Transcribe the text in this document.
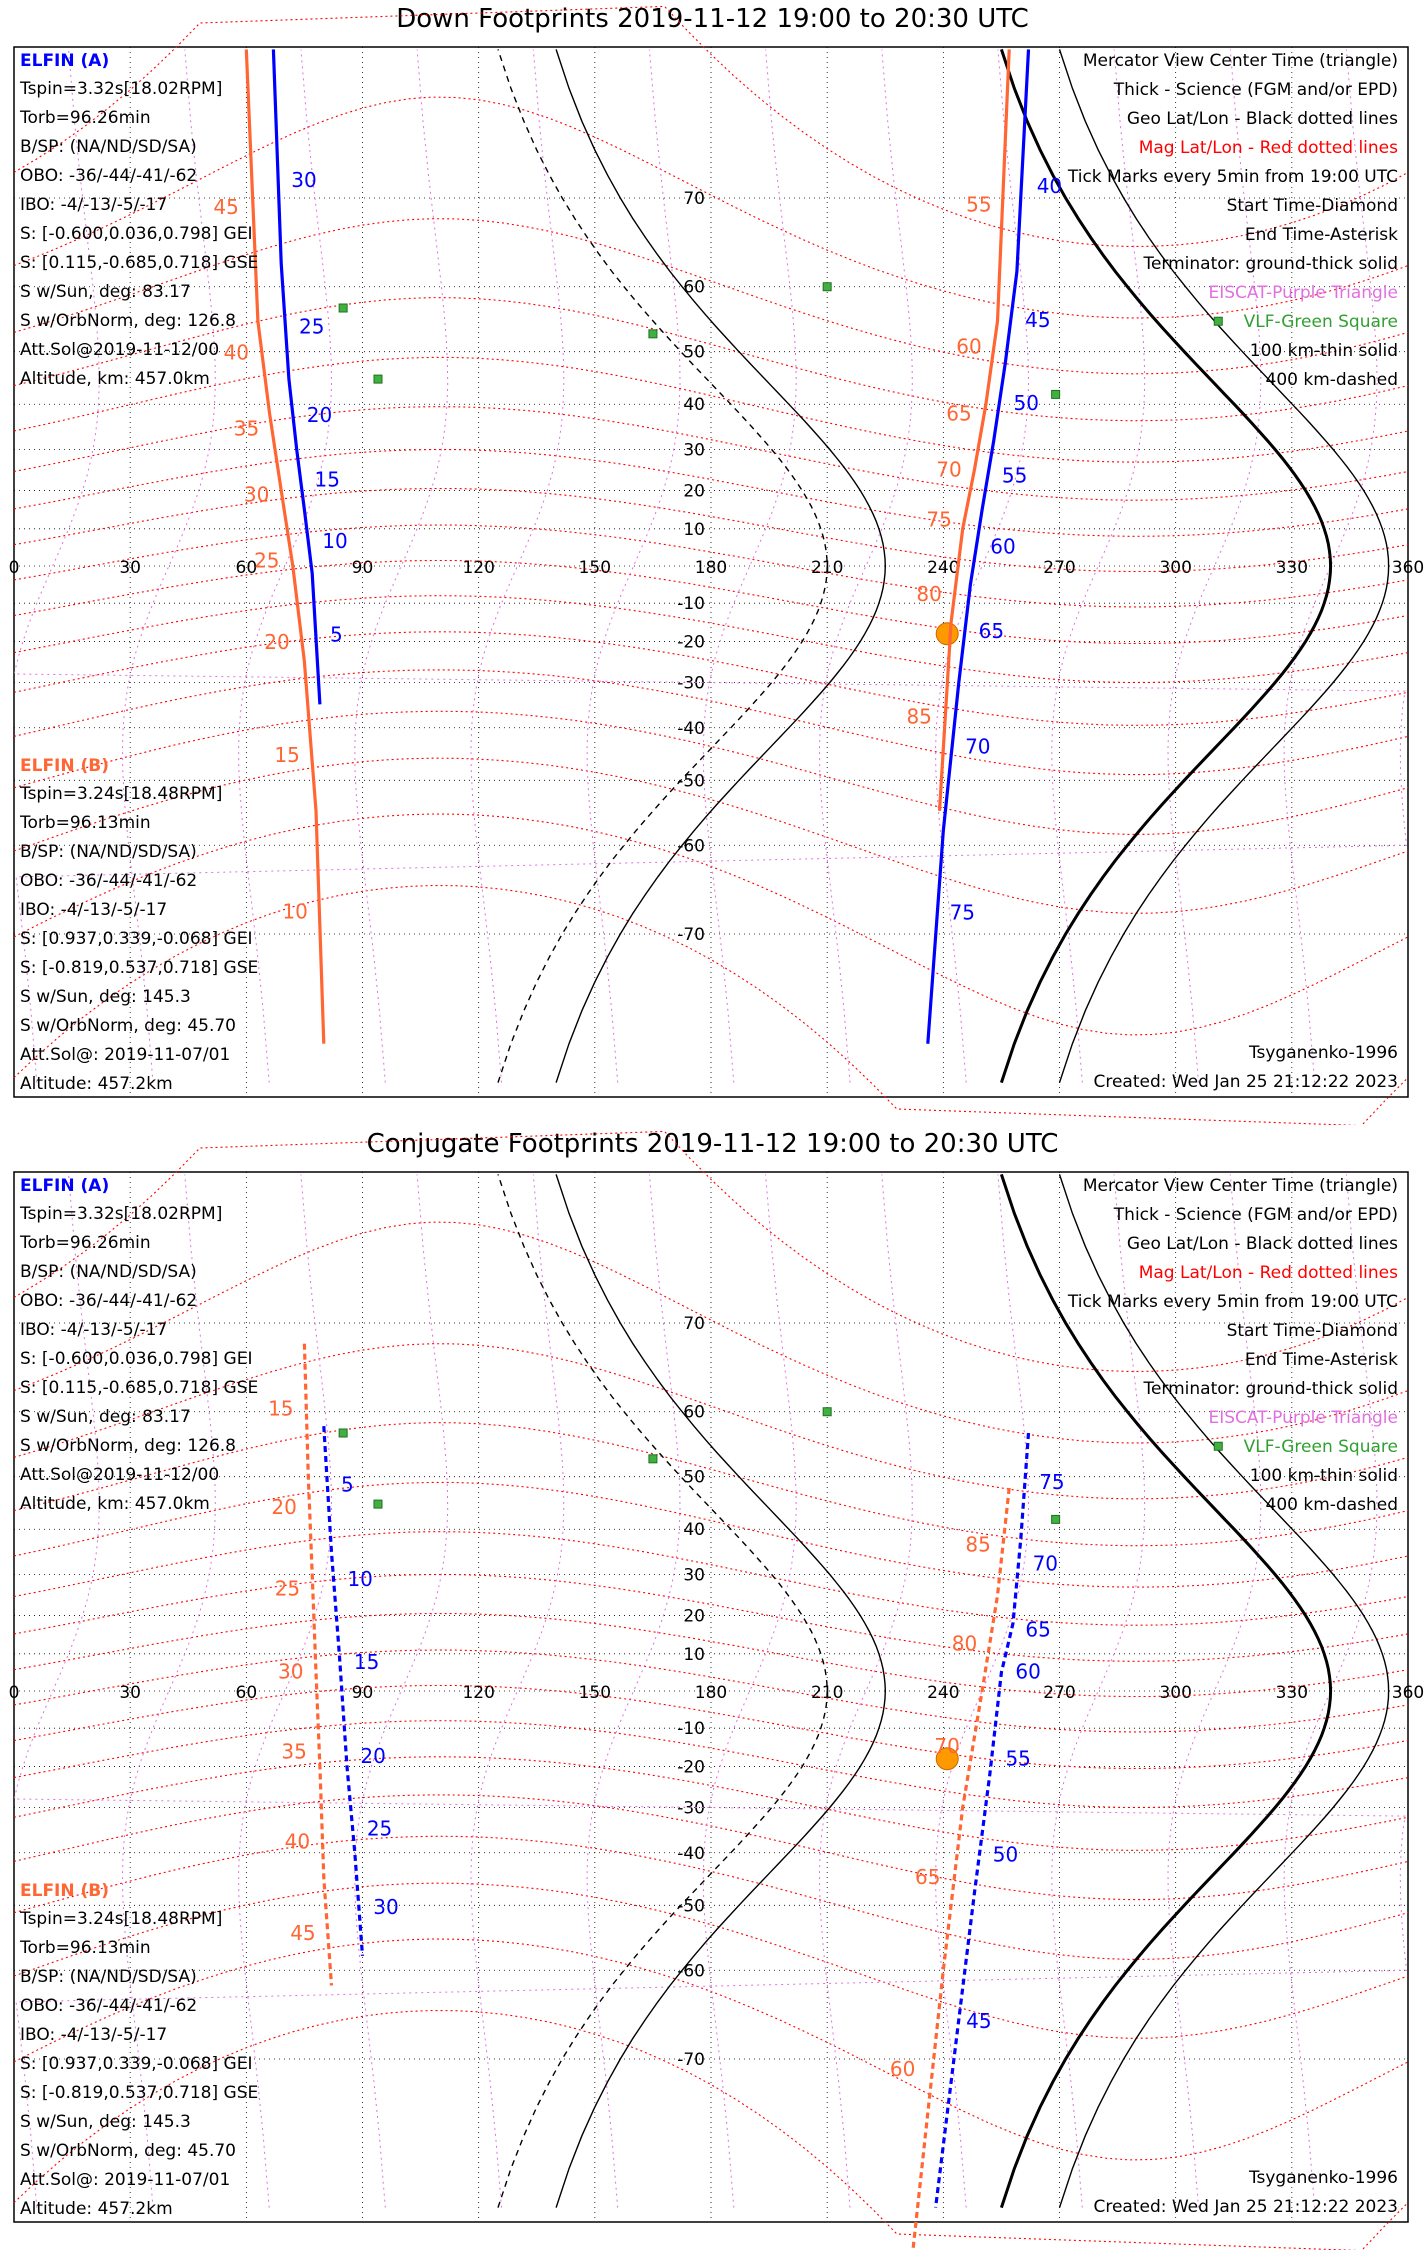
Down Footprints 2019-11-12 19:00 to 20:30 UTC
0	30	60	90	120	150	180	210	240	270	300	330	360
70
60
50
40
30
20
10
-10
-20
-30
-40
-50
-60
-70
30
25
20
15
10
5
40
45
50
55
60
65
70
75
45
40
35
30
25
20
15
10
55
60
65
70
75
80
85
ELFIN (A)
Tspin=3.32s[18.02RPM]
Torb=96.26min
B/SP: (NA/ND/SD/SA)
OBO: -36/-44/-41/-62
IBO: -4/-13/-5/-17
S: [-0.600,0.036,0.798] GEI
S: [0.115,-0.685,0.718] GSE
S w/Sun, deg: 83.17
S w/OrbNorm, deg: 126.8
Att.Sol@2019-11-12/00
Altitude, km: 457.0km
ELFIN (B)
Tspin=3.24s[18.48RPM]
Torb=96.13min
B/SP: (NA/ND/SD/SA)
OBO: -36/-44/-41/-62
IBO: -4/-13/-5/-17
S: [0.937,0.339,-0.068] GEI
S: [-0.819,0.537,0.718] GSE
S w/Sun, deg: 145.3
S w/OrbNorm, deg: 45.70
Att.Sol@: 2019-11-07/01
Altitude: 457.2km
Mercator View Center Time (triangle)
Thick - Science (FGM and/or EPD)
Geo Lat/Lon - Black dotted lines
Mag Lat/Lon - Red dotted lines
Tick Marks every 5min from 19:00 UTC
Start Time-Diamond
End Time-Asterisk
Terminator: ground-thick solid
EISCAT-Purple Triangle
VLF-Green Square
100 km-thin solid
400 km-dashed
Tsyganenko-1996
Created: Wed Jan 25 21:12:22 2023
Conjugate Footprints 2019-11-12 19:00 to 20:30 UTC
0	30	60	90	120	150	180	210	240	270	300	330	360
70
60
50
40
30
20
10
-10
-20
-30
-40
-50
-60
-70
5
10
15
20
25
30
75
70
65
60
55
50
45
15
20
25
30
35
40
45
85
80
70
65
60
ELFIN (A)
Tspin=3.32s[18.02RPM]
Torb=96.26min
B/SP: (NA/ND/SD/SA)
OBO: -36/-44/-41/-62
IBO: -4/-13/-5/-17
S: [-0.600,0.036,0.798] GEI
S: [0.115,-0.685,0.718] GSE
S w/Sun, deg: 83.17
S w/OrbNorm, deg: 126.8
Att.Sol@2019-11-12/00
Altitude, km: 457.0km
ELFIN (B)
Tspin=3.24s[18.48RPM]
Torb=96.13min
B/SP: (NA/ND/SD/SA)
OBO: -36/-44/-41/-62
IBO: -4/-13/-5/-17
S: [0.937,0.339,-0.068] GEI
S: [-0.819,0.537,0.718] GSE
S w/Sun, deg: 145.3
S w/OrbNorm, deg: 45.70
Att.Sol@: 2019-11-07/01
Altitude: 457.2km
Mercator View Center Time (triangle)
Thick - Science (FGM and/or EPD)
Geo Lat/Lon - Black dotted lines
Mag Lat/Lon - Red dotted lines
Tick Marks every 5min from 19:00 UTC
Start Time-Diamond
End Time-Asterisk
Terminator: ground-thick solid
EISCAT-Purple Triangle
VLF-Green Square
100 km-thin solid
400 km-dashed
Tsyganenko-1996
Created: Wed Jan 25 21:12:22 2023
